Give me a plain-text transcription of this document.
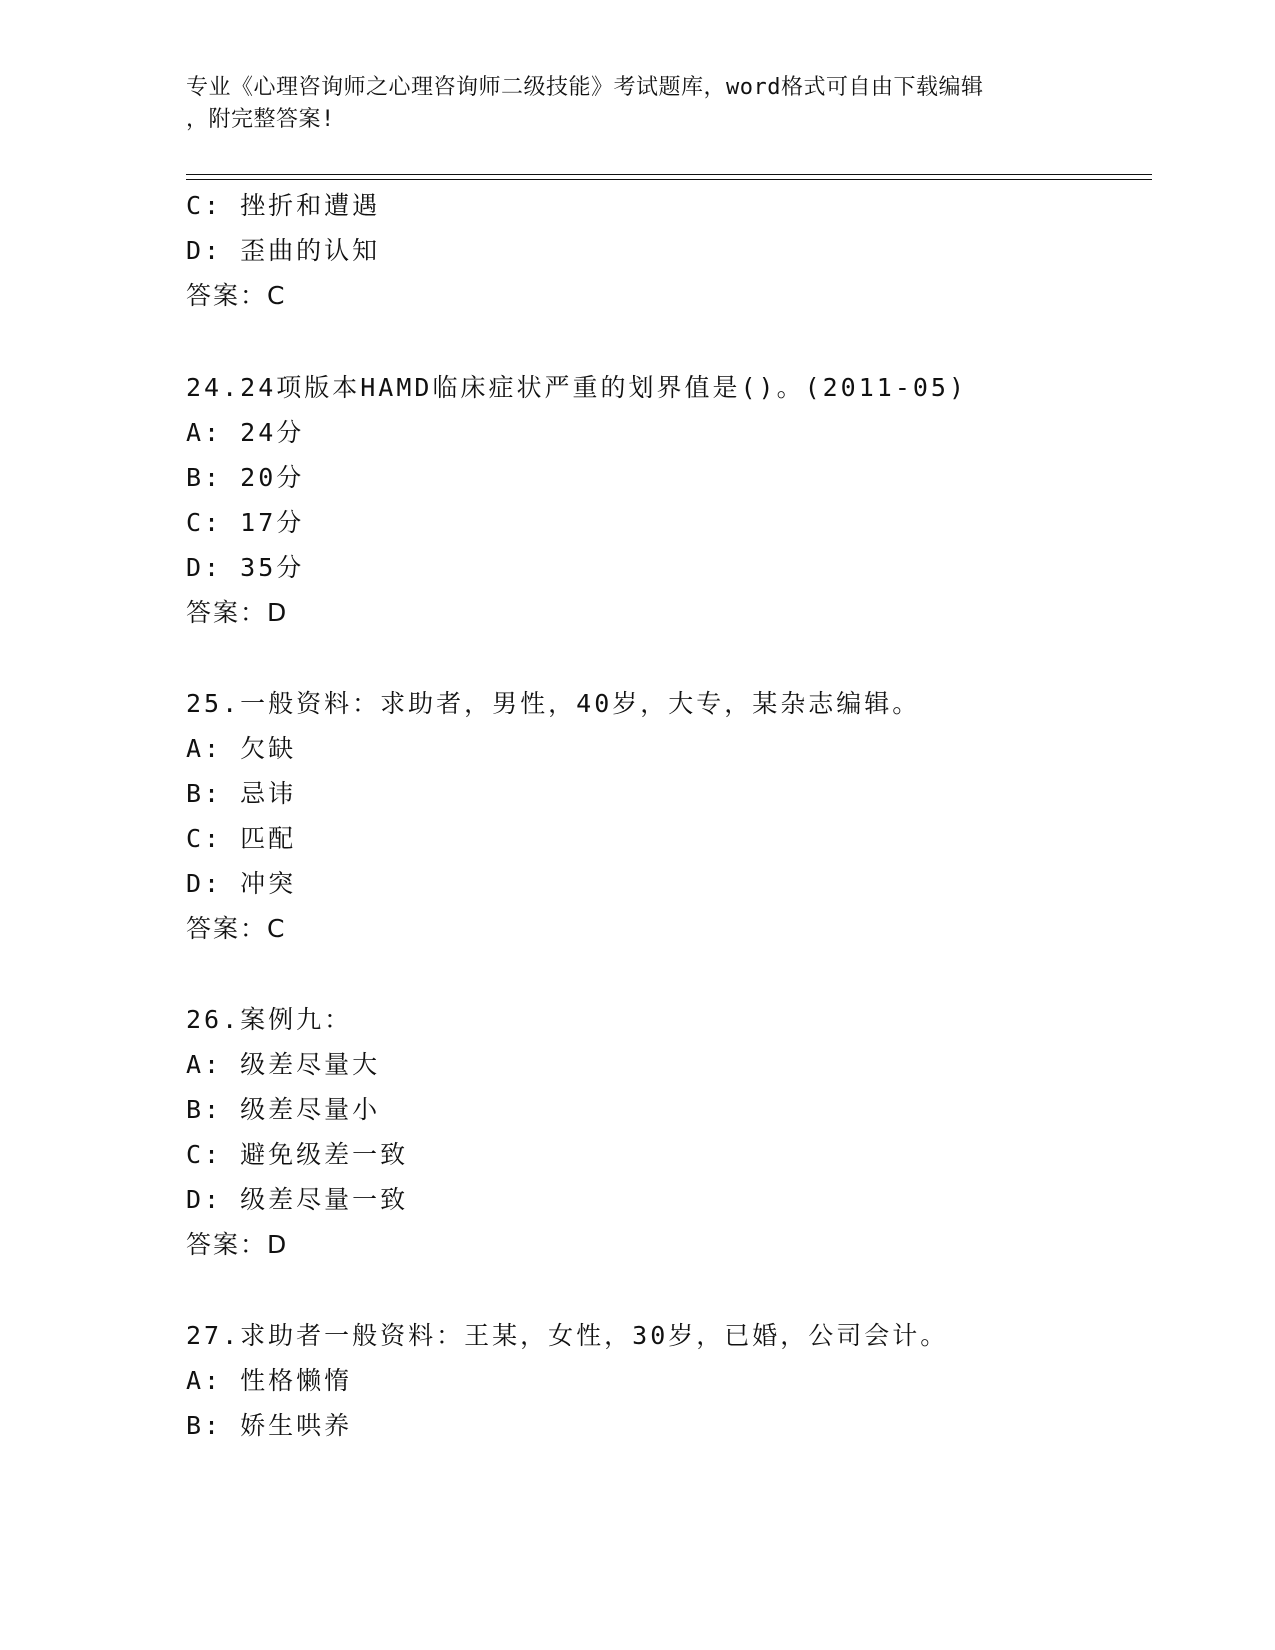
专业《心理咨询师之心理咨询师二级技能》考试题库，word格式可自由下载编辑
，附完整答案!
C: 挫折和遭遇
D: 歪曲的认知
答案：C
24.24项版本HAMD临床症状严重的划界值是()。(2011-05)
A: 24分
B: 20分
C: 17分
D: 35分
答案：D
25.一般资料：求助者，男性，40岁，大专，某杂志编辑。
A: 欠缺
B: 忌讳
C: 匹配
D: 冲突
答案：C
26.案例九：
A: 级差尽量大
B: 级差尽量小
C: 避免级差一致
D: 级差尽量一致
答案：D
27.求助者一般资料：王某，女性，30岁，已婚，公司会计。
A: 性格懒惰
B: 娇生哄养
